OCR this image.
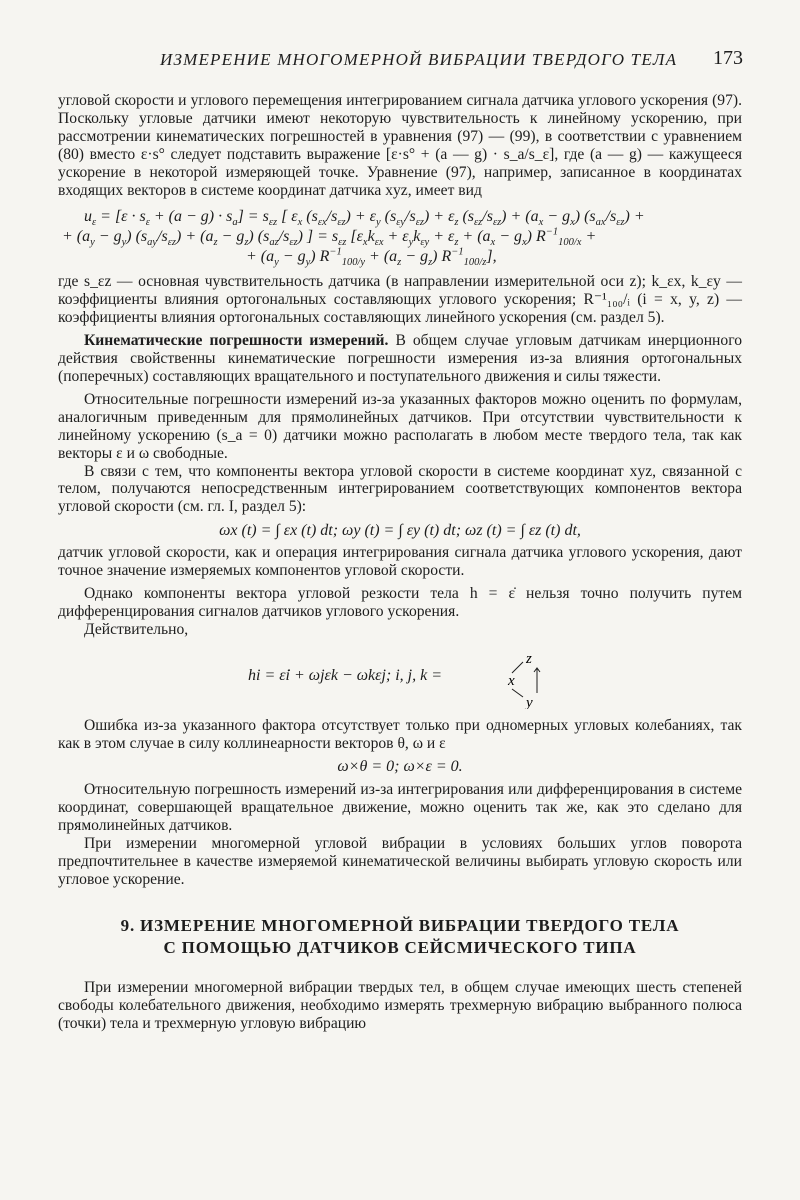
ИЗМЕРЕНИЕ МНОГОМЕРНОЙ ВИБРАЦИИ ТВЕРДОГО ТЕЛА 173

угловой скорости и углового перемещения интегрированием сигнала датчика углового ускорения (97). Поскольку угловые датчики имеют некоторую чувствительность к линейному ускорению, при рассмотрении кинематических погрешностей в уравнения (97) — (99), в соответствии с уравнением (80) вместо ε·s° следует подставить выражение [ε·s° + (a — g) · s_a/s_ε], где (a — g) — кажущееся ускорение в некоторой измеряющей точке. Уравнение (97), например, записанное в координатах входящих векторов в системе координат датчика xyz, имеет вид

$u_\varepsilon = [\varepsilon \cdot s_\varepsilon + (a - g) \cdot s_a] = s_{\varepsilon z}$ [ $\varepsilon_x$ $(s_{\varepsilon x}/s_{\varepsilon z}) + \varepsilon_y$ $(s_{\varepsilon y}/s_{\varepsilon z}) + \varepsilon_z$ $(s_{\varepsilon z}/s_{\varepsilon z}) + (a_x - g_x) (s_{ax}/s_{\varepsilon z})$ +
+ $(a_y - g_y) (s_{ay}/s_{\varepsilon z}) + (a_z - g_z)$ $(s_{az}/s_{\varepsilon z})$ ] = $s_{\varepsilon z}$ [$\varepsilon_xk_{\varepsilon x} + \varepsilon_yk_{\varepsilon y} + \varepsilon_z + (a_x - g_x) R^{-1}_{100/x}$ +
+ $(a_y - g_y) R^{-1}_{100/y} + (a_z - g_z)$ $R^{-1}_{100/z}$],

где s_εz — основная чувствительность датчика (в направлении измерительной оси z); k_εx, k_εy — коэффициенты влияния ортогональных составляющих углового ускорения; R⁻¹₁₀₀/ᵢ (i = x, y, z) — коэффициенты влияния ортогональных составляющих линейного ускорения (см. раздел 5).

Кинематические погрешности измерений. В общем случае угловым датчикам инерционного действия свойственны кинематические погрешности измерения из-за влияния ортогональных (поперечных) составляющих вращательного и поступательного движения и силы тяжести.

Относительные погрешности измерений из-за указанных факторов можно оценить по формулам, аналогичным приведенным для прямолинейных датчиков. При отсутствии чувствительности к линейному ускорению (s_a = 0) датчики можно располагать в любом месте твердого тела, так как векторы ε и ω свободные.

В связи с тем, что компоненты вектора угловой скорости в системе координат xyz, связанной с телом, получаются непосредственным интегрированием соответствующих компонентов вектора угловой скорости (см. гл. I, раздел 5):

ωx (t) = ∫ εx (t) dt; ωy (t) = ∫ εy (t) dt; ωz (t) = ∫ εz (t) dt,

датчик угловой скорости, как и операция интегрирования сигнала датчика углового ускорения, дают точное значение измеряемых компонентов угловой скорости.

Однако компоненты вектора угловой резкости тела h = ε̇ нельзя точно получить путем дифференцирования сигналов датчиков углового ускорения.

Действительно,

hi = ε̇i + ωjεk − ωkεj; i, j, k =
z
x
y

Ошибка из-за указанного фактора отсутствует только при одномерных угловых колебаниях, так как в этом случае в силу коллинеарности векторов θ, ω и ε

ω×θ = 0; ω×ε = 0.

Относительную погрешность измерений из-за интегрирования или дифференцирования в системе координат, совершающей вращательное движение, можно оценить так же, как это сделано для прямолинейных датчиков.

При измерении многомерной угловой вибрации в условиях больших углов поворота предпочтительнее в качестве измеряемой кинематической величины выбирать угловую скорость или угловое ускорение.

9. ИЗМЕРЕНИЕ МНОГОМЕРНОЙ ВИБРАЦИИ ТВЕРДОГО ТЕЛА
С ПОМОЩЬЮ ДАТЧИКОВ СЕЙСМИЧЕСКОГО ТИПА

При измерении многомерной вибрации твердых тел, в общем случае имеющих шесть степеней свободы колебательного движения, необходимо измерять трехмерную вибрацию выбранного полюса (точки) тела и трехмерную угловую вибрацию
